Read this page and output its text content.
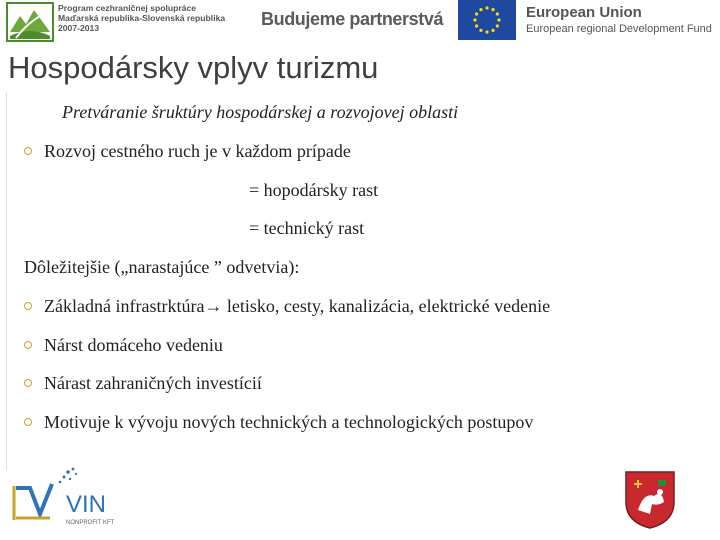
Program cezhraničnej spolupráce
Maďarská republika-Slovenská republika
2007-2013	Budujeme partnerstvá	European Union
European regional Development Fund
Hospodársky vplyv turizmu

Pretváranie šruktúry hospodárskej a rozvojovej oblasti

Rozvoj cestného ruch je v každom prípade
= hopodársky rast
= technický rast
Dôležitejšie („narastajúce ” odvetvia):
Základná infrastrktúra→ letisko, cesty, kanalizácia, elektrické vedenie
Nárst domáceho vedeniu
Nárast zahraničných investícií
Motivuje k vývoju nových technických a technologických postupov
VIN
NONPROFIT KFT
